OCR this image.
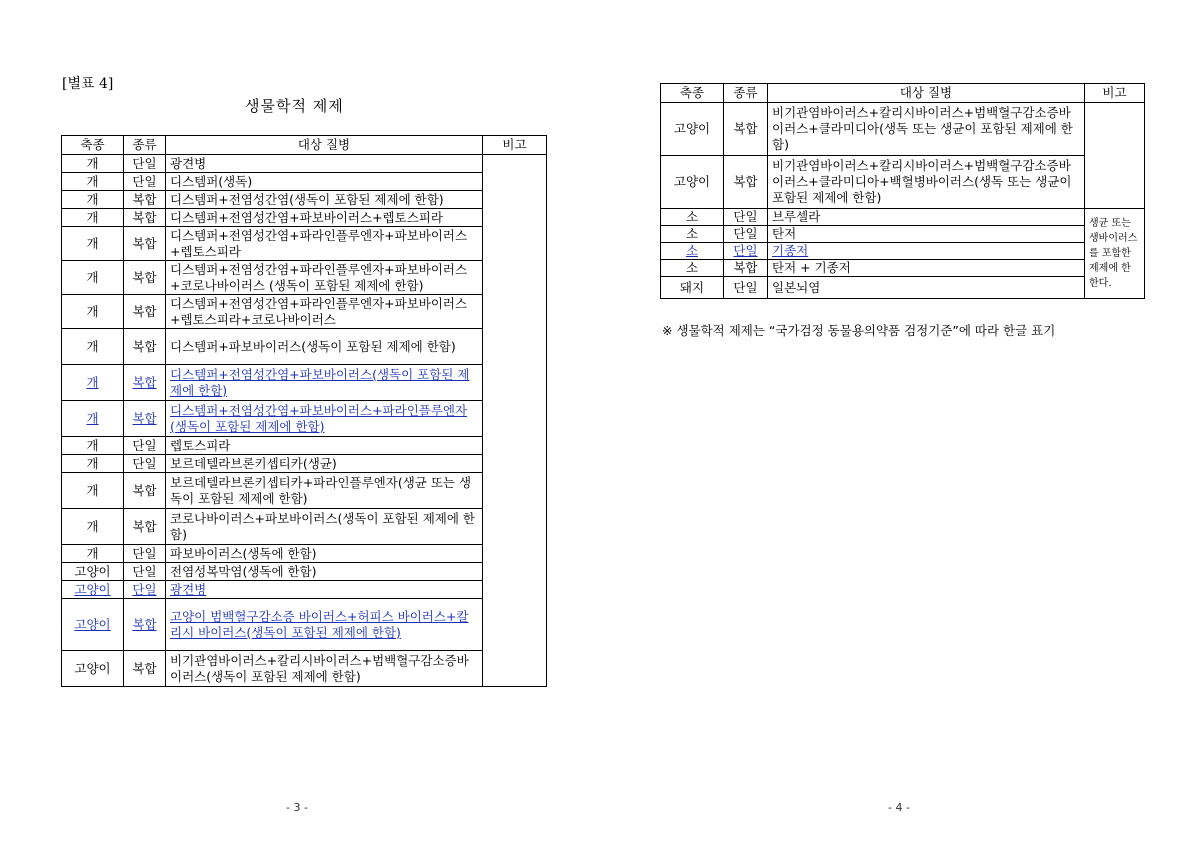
[별표 4]
생물학적 제제
축종	종류	대상 질병	비고
개	단일	광견병	
개	단일	디스템퍼(생독)	
개	복합	디스템퍼+전염성간염(생독이 포함된 제제에 한함)	
개	복합	디스템퍼+전염성간염+파보바이러스+렙토스피라	
개	복합	디스템퍼+전염성간염+파라인플루엔자+파보바이러스+렙토스피라	
개	복합	디스템퍼+전염성간염+파라인플루엔자+파보바이러스+코로나바이러스 (생독이 포함된 제제에 한함)	
개	복합	디스템퍼+전염성간염+파라인플루엔자+파보바이러스+렙토스피라+코로나바이러스	
개	복합	디스템퍼+파보바이러스(생독이 포함된 제제에 한함)	
개	복합	디스템퍼+전염성간염+파보바이러스(생독이 포함된 제제에 한함)	
개	복합	디스템퍼+전염성간염+파보바이러스+파라인플루엔자(생독이 포함된 제제에 한함)	
개	단일	렙토스피라	
개	단일	보르데텔라브론키셉티카(생균)	
개	복합	보르데텔라브론키셉티카+파라인플루엔자(생균 또는 생독이 포함된 제제에 한함)	
개	복합	코로나바이러스+파보바이러스(생독이 포함된 제제에 한함)	
개	단일	파보바이러스(생독에 한함)	
고양이	단일	전염성복막염(생독에 한함)	
고양이	단일	광견병	
고양이	복합	고양이 범백혈구감소증 바이러스+허피스 바이러스+칼리시 바이러스(생독이 포함된 제제에 한함)	
고양이	복합	비기관염바이러스+칼리시바이러스+범백혈구감소증바이러스(생독이 포함된 제제에 한함)	
- 3 -
축종	종류	대상 질병	비고
고양이	복합	비기관염바이러스+칼리시바이러스+범백혈구감소증바이러스+클라미디아(생독 또는 생균이 포함된 제제에 한함)	
고양이	복합	비기관염바이러스+칼리시바이러스+범백혈구감소증바이러스+클라미디아+백혈병바이러스(생독 또는 생균이 포함된 제제에 한함)	
소	단일	브루셀라	생균 또는 생바이러스를 포함한 제제에 한한다.
소	단일	탄저	
소	단일	기종저	
소	복합	탄저 + 기종저	
돼지	단일	일본뇌염	
※ 생물학적 제제는 “국가검정 동물용의약품 검정기준”에 따라 한글 표기
- 4 -
